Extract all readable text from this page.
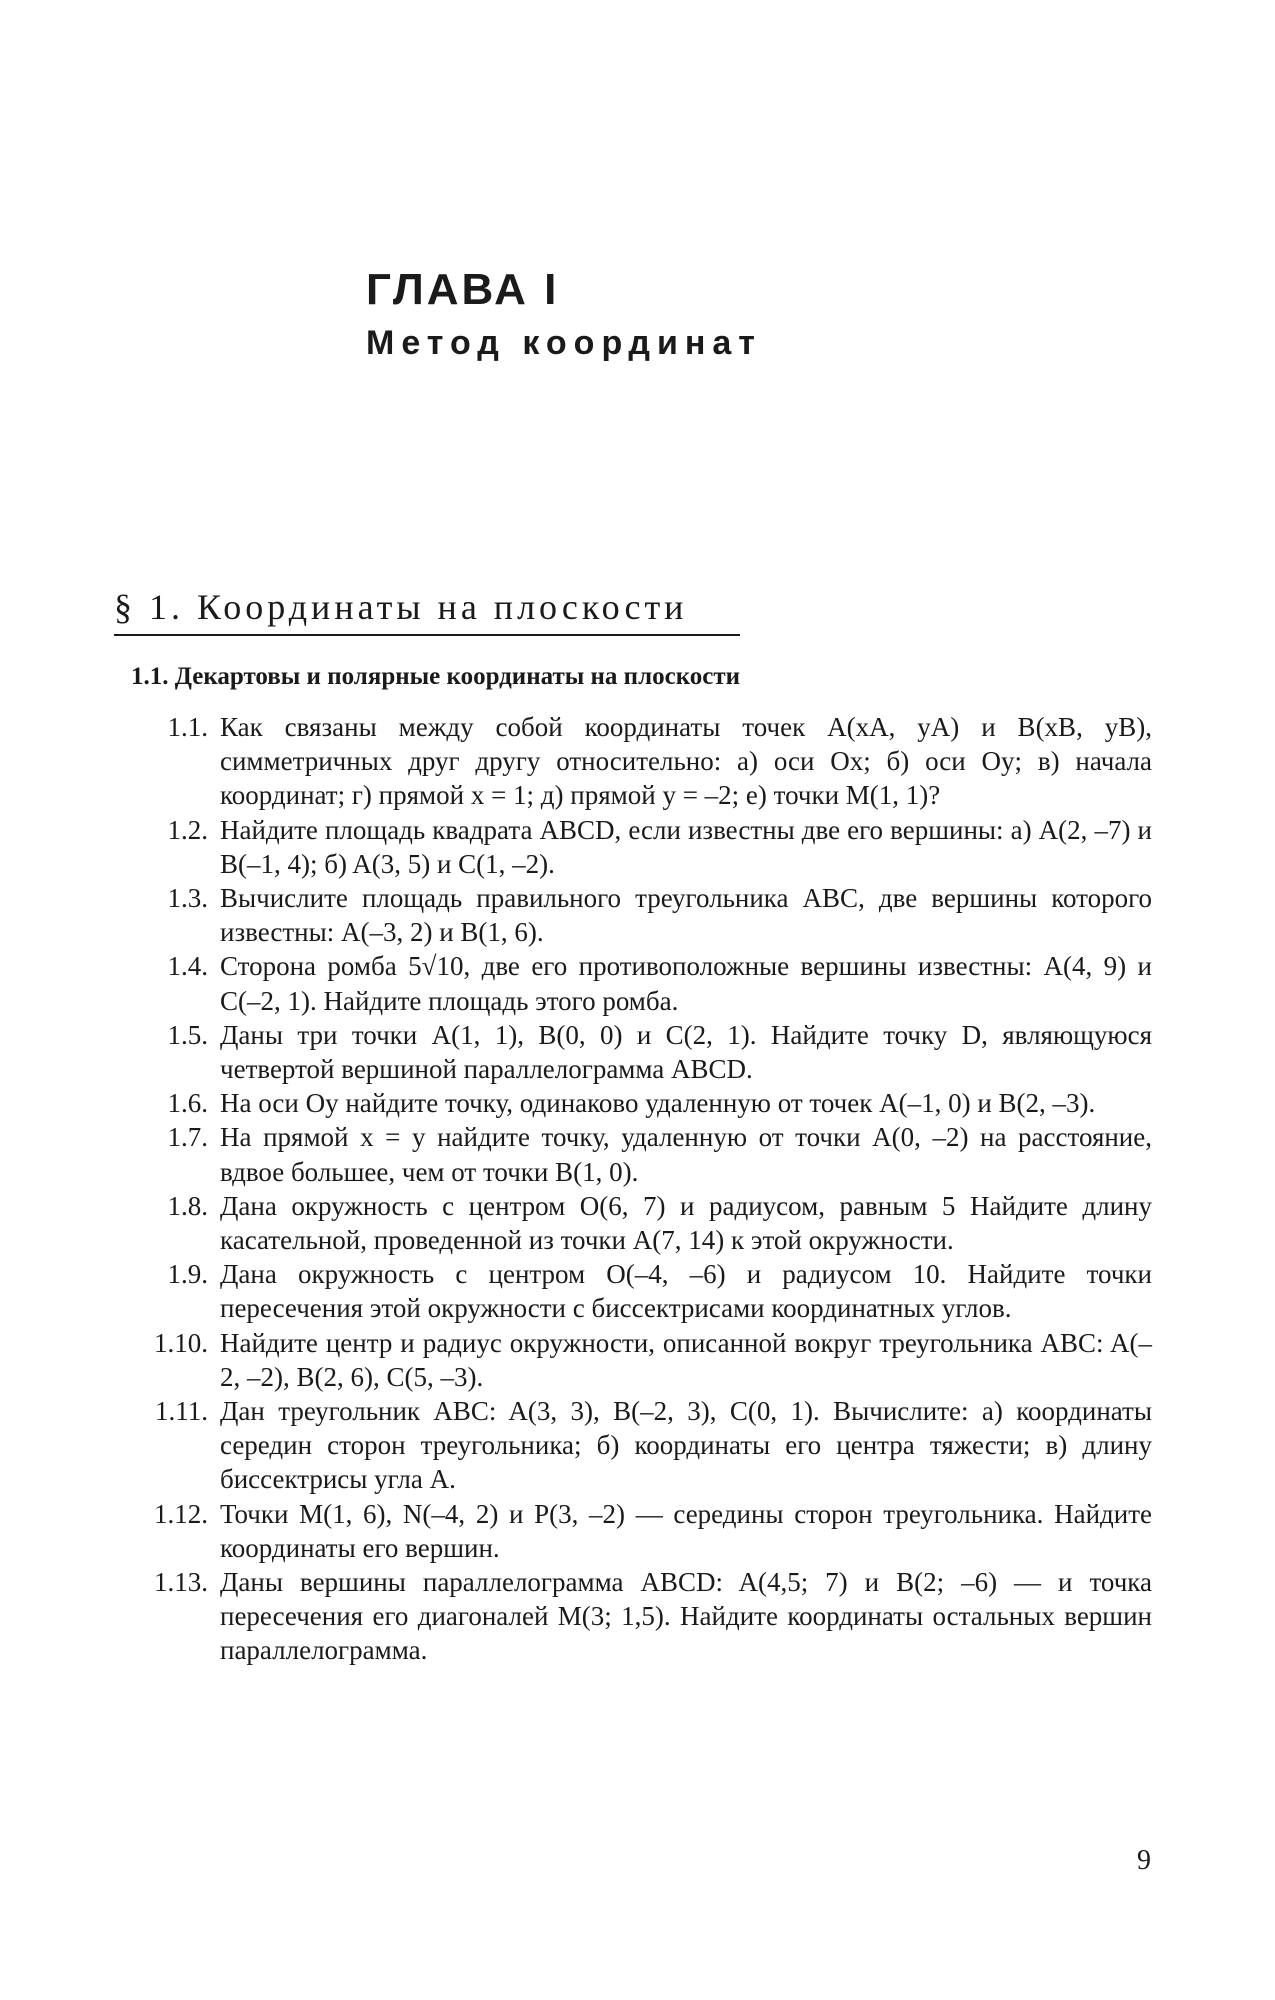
ГЛАВА I
Метод координат
§ 1. Координаты на плоскости
1.1. Декартовы и полярные координаты на плоскости
1.1. Как связаны между собой координаты точек A(xA, yA) и B(xB, yB), симметричных друг другу относительно: а) оси Ox; б) оси Oy; в) начала координат; г) прямой x = 1; д) прямой y = –2; е) точки M(1, 1)?
1.2. Найдите площадь квадрата ABCD, если известны две его вершины: а) A(2, –7) и B(–1, 4); б) A(3, 5) и C(1, –2).
1.3. Вычислите площадь правильного треугольника ABC, две вершины которого известны: A(–3, 2) и B(1, 6).
1.4. Сторона ромба 5√10, две его противоположные вершины известны: A(4, 9) и C(–2, 1). Найдите площадь этого ромба.
1.5. Даны три точки A(1, 1), B(0, 0) и C(2, 1). Найдите точку D, являющуюся четвертой вершиной параллелограмма ABCD.
1.6. На оси Oy найдите точку, одинаково удаленную от точек A(–1, 0) и B(2, –3).
1.7. На прямой x = y найдите точку, удаленную от точки A(0, –2) на расстояние, вдвое большее, чем от точки B(1, 0).
1.8. Дана окружность с центром O(6, 7) и радиусом, равным 5 Найдите длину касательной, проведенной из точки A(7, 14) к этой окружности.
1.9. Дана окружность с центром O(–4, –6) и радиусом 10. Найдите точки пересечения этой окружности с биссектрисами координатных углов.
1.10. Найдите центр и радиус окружности, описанной вокруг треугольника ABC: A(–2, –2), B(2, 6), C(5, –3).
1.11. Дан треугольник ABC: A(3, 3), B(–2, 3), C(0, 1). Вычислите: а) координаты середин сторон треугольника; б) координаты его центра тяжести; в) длину биссектрисы угла A.
1.12. Точки M(1, 6), N(–4, 2) и P(3, –2) — середины сторон треугольника. Найдите координаты его вершин.
1.13. Даны вершины параллелограмма ABCD: A(4,5; 7) и B(2; –6) — и точка пересечения его диагоналей M(3; 1,5). Найдите координаты остальных вершин параллелограмма.
9
